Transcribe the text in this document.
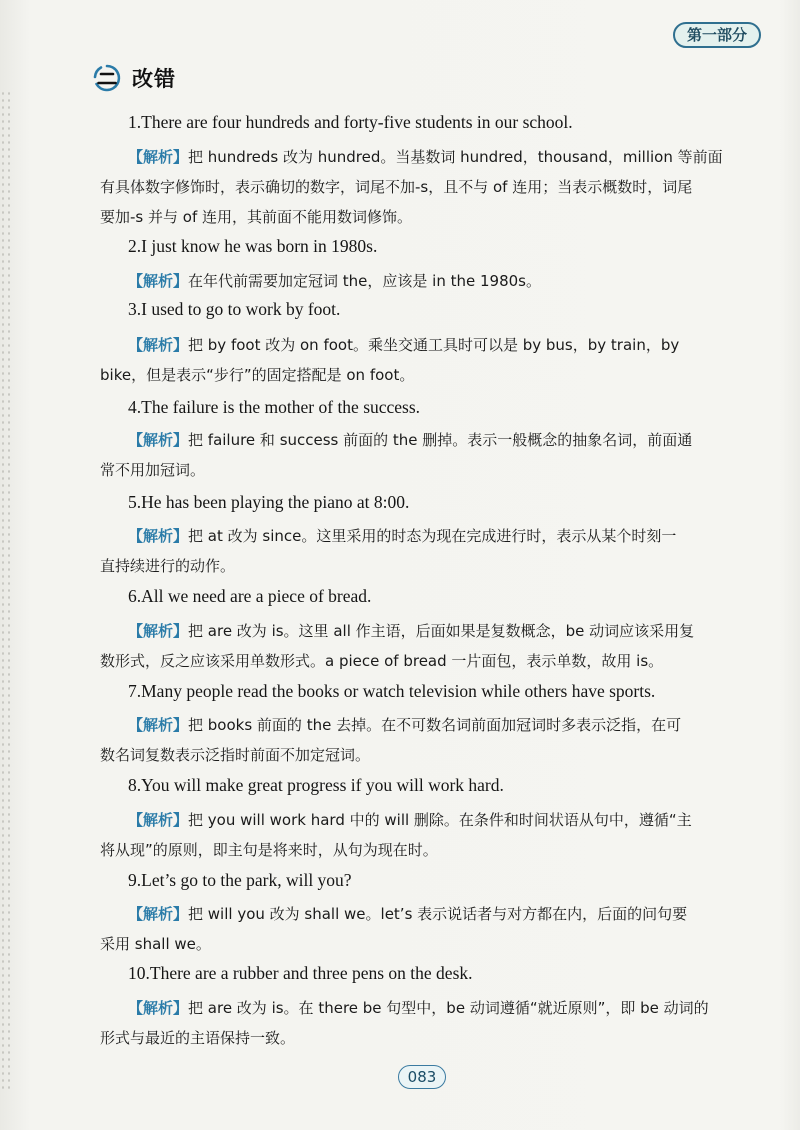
第一部分
改错
1.There are four hundreds and forty-five students in our school.
【解析】把 hundreds 改为 hundred。当基数词 hundred，thousand，million 等前面
有具体数字修饰时，表示确切的数字，词尾不加-s，且不与 of 连用；当表示概数时，词尾
要加-s 并与 of 连用，其前面不能用数词修饰。
2.I just know he was born in 1980s.
【解析】在年代前需要加定冠词 the，应该是 in the 1980s。
3.I used to go to work by foot.
【解析】把 by foot 改为 on foot。乘坐交通工具时可以是 by bus，by train，by
bike，但是表示“步行”的固定搭配是 on foot。
4.The failure is the mother of the success.
【解析】把 failure 和 success 前面的 the 删掉。表示一般概念的抽象名词，前面通
常不用加冠词。
5.He has been playing the piano at 8:00.
【解析】把 at 改为 since。这里采用的时态为现在完成进行时，表示从某个时刻一
直持续进行的动作。
6.All we need are a piece of bread.
【解析】把 are 改为 is。这里 all 作主语，后面如果是复数概念，be 动词应该采用复
数形式，反之应该采用单数形式。a piece of bread 一片面包，表示单数，故用 is。
7.Many people read the books or watch television while others have sports.
【解析】把 books 前面的 the 去掉。在不可数名词前面加冠词时多表示泛指，在可
数名词复数表示泛指时前面不加定冠词。
8.You will make great progress if you will work hard.
【解析】把 you will work hard 中的 will 删除。在条件和时间状语从句中，遵循“主
将从现”的原则，即主句是将来时，从句为现在时。
9.Let’s go to the park, will you?
【解析】把 will you 改为 shall we。let’s 表示说话者与对方都在内，后面的问句要
采用 shall we。
10.There are a rubber and three pens on the desk.
【解析】把 are 改为 is。在 there be 句型中，be 动词遵循“就近原则”，即 be 动词的
形式与最近的主语保持一致。
083
